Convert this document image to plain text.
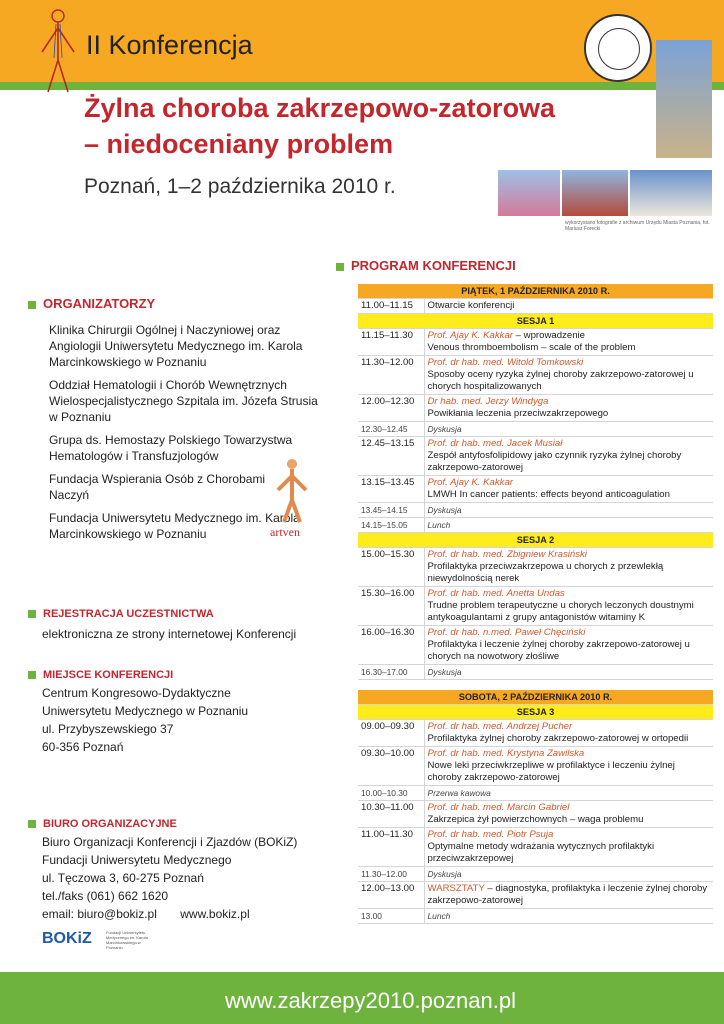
II Konferencja
Żylna choroba zakrzepowo-zatorowa
– niedoceniany problem
Poznań, 1–2 października 2010 r.
wykorzystano fotografie z archiwum Urzędu Miasta Poznania, fot. Mariusz Forecki
ORGANIZATORZY

Klinika Chirurgii Ogólnej i Naczyniowej oraz Angiologii Uniwersytetu Medycznego im. Karola Marcinkowskiego w Poznaniu

Oddział Hematologii i Chorób Wewnętrznych Wielospecjalistycznego Szpitala im. Józefa Strusia w Poznaniu

Grupa ds. Hemostazy Polskiego Towarzystwa Hematologów i Transfuzjologów

Fundacja Wspierania Osób z Chorobami Naczyń

Fundacja Uniwersytetu Medycznego im. Karola Marcinkowskiego w Poznaniu	artven
REJESTRACJA UCZESTNICTWA
elektroniczna ze strony internetowej Konferencji
MIEJSCE KONFERENCJI
Centrum Kongresowo-Dydaktyczne
Uniwersytetu Medycznego w Poznaniu
ul. Przybyszewskiego 37
60-356 Poznań
BIURO ORGANIZACYJNE
Biuro Organizacji Konferencji i Zjazdów (BOKiZ)
Fundacji Uniwersytetu Medycznego
ul. Tęczowa 3, 60-275 Poznań
tel./faks (061) 662 1620
email: biuro@bokiz.pl www.bokiz.pl
BOKiZ	Fundacji Uniwersytetu Medycznego im. Karola Marcinkowskiego w Poznaniu
PROGRAM KONFERENCJI
PIĄTEK, 1 PAŹDZIERNIKA 2010 R.	
11.00–11.15	Otwarcie konferencji
SESJA 1	
11.15–11.30	Prof. Ajay K. Kakkar – wprowadzenie
Venous thromboembolism – scale of the problem
11.30–12.00	Prof. dr hab. med. Witold Tomkowski
Sposoby oceny ryzyka żylnej choroby zakrzepowo-zatorowej u chorych hospitalizowanych
12.00–12.30	Dr hab. med. Jerzy Windyga
Powikłania leczenia przeciwzakrzepowego
12.30–12.45	Dyskusja
12.45–13.15	Prof. dr hab. med. Jacek Musiał
Zespół antyfosfolipidowy jako czynnik ryzyka żylnej choroby zakrzepowo-zatorowej
13.15–13.45	Prof. Ajay K. Kakkar
LMWH In cancer patients: effects beyond anticoagulation
13.45–14.15	Dyskusja
14.15–15.05	Lunch
SESJA 2	
15.00–15.30	Prof. dr hab. med. Zbigniew Krasiński
Profilaktyka przeciwzakrzepowa u chorych z przewlekłą niewydolnością nerek
15.30–16.00	Prof. dr hab. med. Anetta Undas
Trudne problem terapeutyczne u chorych leczonych doustnymi antykoagulantami z grupy antagonistów witaminy K
16.00–16.30	Prof. dr hab. n.med. Paweł Chęciński
Profilaktyka i leczenie żylnej choroby zakrzepowo-zatorowej u chorych na nowotwory złośliwe
16.30–17.00	Dyskusja

SOBOTA, 2 PAŹDZIERNIKA 2010 R.	
SESJA 3	
09.00–09.30	Prof. dr hab. med. Andrzej Pucher
Profilaktyka żylnej choroby zakrzepowo-zatorowej w ortopedii
09.30–10.00	Prof. dr hab. med. Krystyna Zawilska
Nowe leki przeciwkrzepliwe w profilaktyce i leczeniu żylnej choroby zakrzepowo-zatorowej
10.00–10.30	Przerwa kawowa
10.30–11.00	Prof. dr hab. med. Marcin Gabriel
Zakrzepica żył powierzchownych – waga problemu
11.00–11.30	Prof. dr hab. med. Piotr Psuja
Optymalne metody wdrażania wytycznych profilaktyki przeciwzakrzepowej
11.30–12.00	Dyskusja
12.00–13.00	WARSZTATY – diagnostyka, profilaktyka i leczenie żylnej choroby zakrzepowo-zatorowej
13.00	Lunch
www.zakrzepy2010.poznan.pl
